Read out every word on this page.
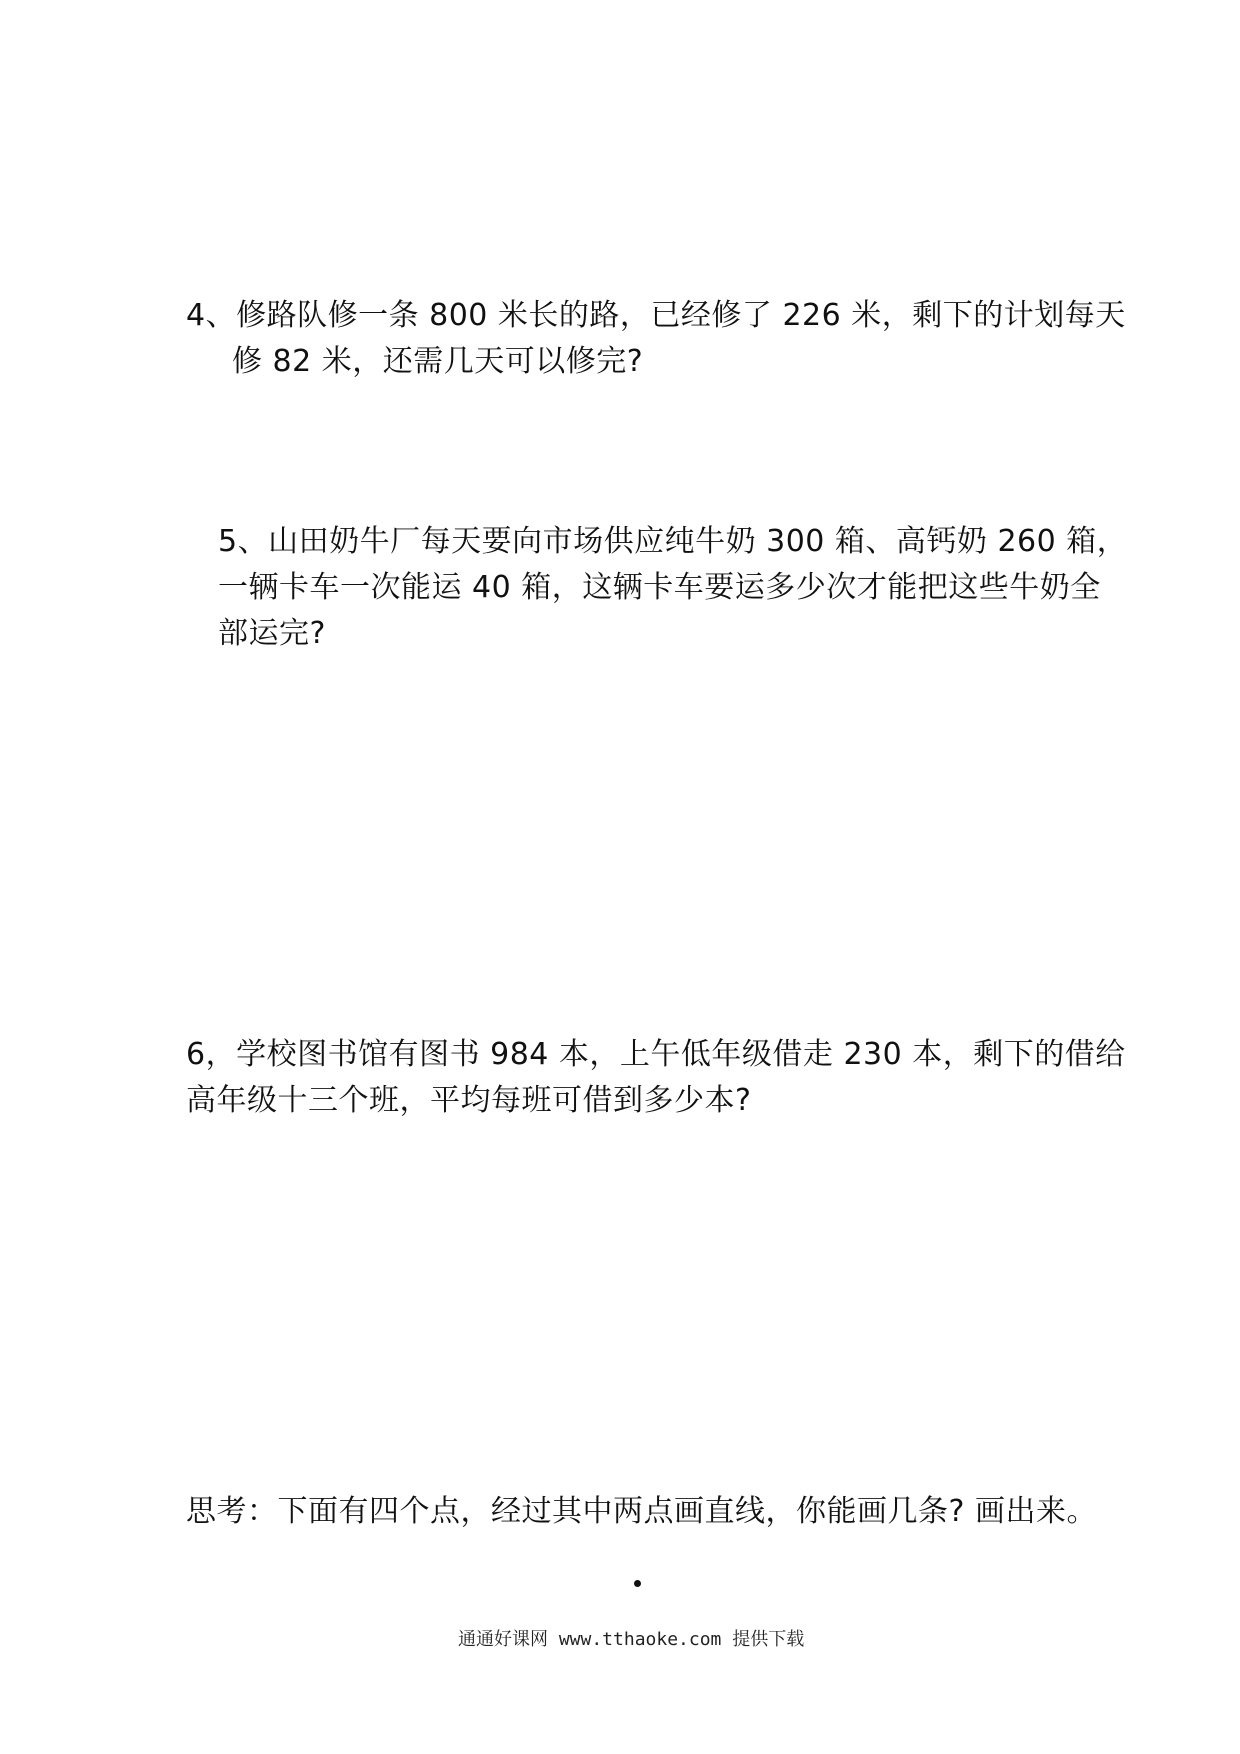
4、修路队修一条 800 米长的路，已经修了 226 米，剩下的计划每天
修 82 米，还需几天可以修完?
5、山田奶牛厂每天要向市场供应纯牛奶 300 箱、高钙奶 260 箱，
一辆卡车一次能运 40 箱，这辆卡车要运多少次才能把这些牛奶全
部运完?
6，学校图书馆有图书 984 本，上午低年级借走 230 本，剩下的借给
高年级十三个班，平均每班可借到多少本?
思考：下面有四个点，经过其中两点画直线，你能画几条? 画出来。
通通好课网 www.tthaoke.com 提供下载
